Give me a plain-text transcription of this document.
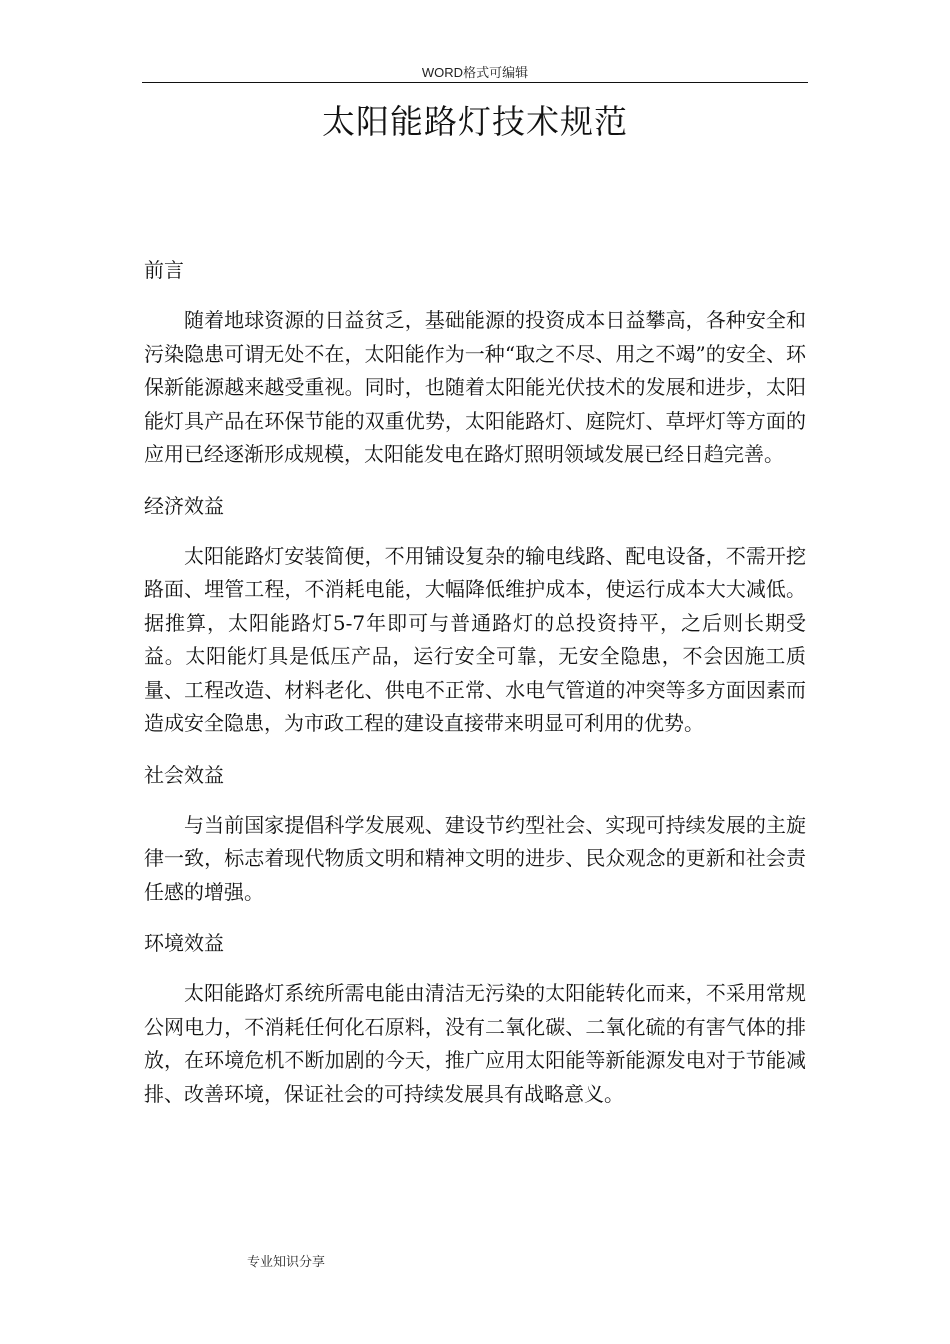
WORD格式可编辑
太阳能路灯技术规范
前言

随着地球资源的日益贫乏，基础能源的投资成本日益攀高，各种安全和污染隐患可谓无处不在，太阳能作为一种“取之不尽、用之不竭”的安全、环保新能源越来越受重视。同时，也随着太阳能光伏技术的发展和进步，太阳能灯具产品在环保节能的双重优势，太阳能路灯、庭院灯、草坪灯等方面的应用已经逐渐形成规模，太阳能发电在路灯照明领域发展已经日趋完善。

经济效益

太阳能路灯安装简便，不用铺设复杂的输电线路、配电设备，不需开挖路面、埋管工程，不消耗电能，大幅降低维护成本，使运行成本大大减低。据推算，太阳能路灯5-7年即可与普通路灯的总投资持平，之后则长期受益。太阳能灯具是低压产品，运行安全可靠，无安全隐患，不会因施工质量、工程改造、材料老化、供电不正常、水电气管道的冲突等多方面因素而造成安全隐患，为市政工程的建设直接带来明显可利用的优势。

社会效益

与当前国家提倡科学发展观、建设节约型社会、实现可持续发展的主旋律一致，标志着现代物质文明和精神文明的进步、民众观念的更新和社会责任感的增强。

环境效益

太阳能路灯系统所需电能由清洁无污染的太阳能转化而来，不采用常规公网电力，不消耗任何化石原料，没有二氧化碳、二氧化硫的有害气体的排放，在环境危机不断加剧的今天，推广应用太阳能等新能源发电对于节能减排、改善环境，保证社会的可持续发展具有战略意义。

专业知识分享
